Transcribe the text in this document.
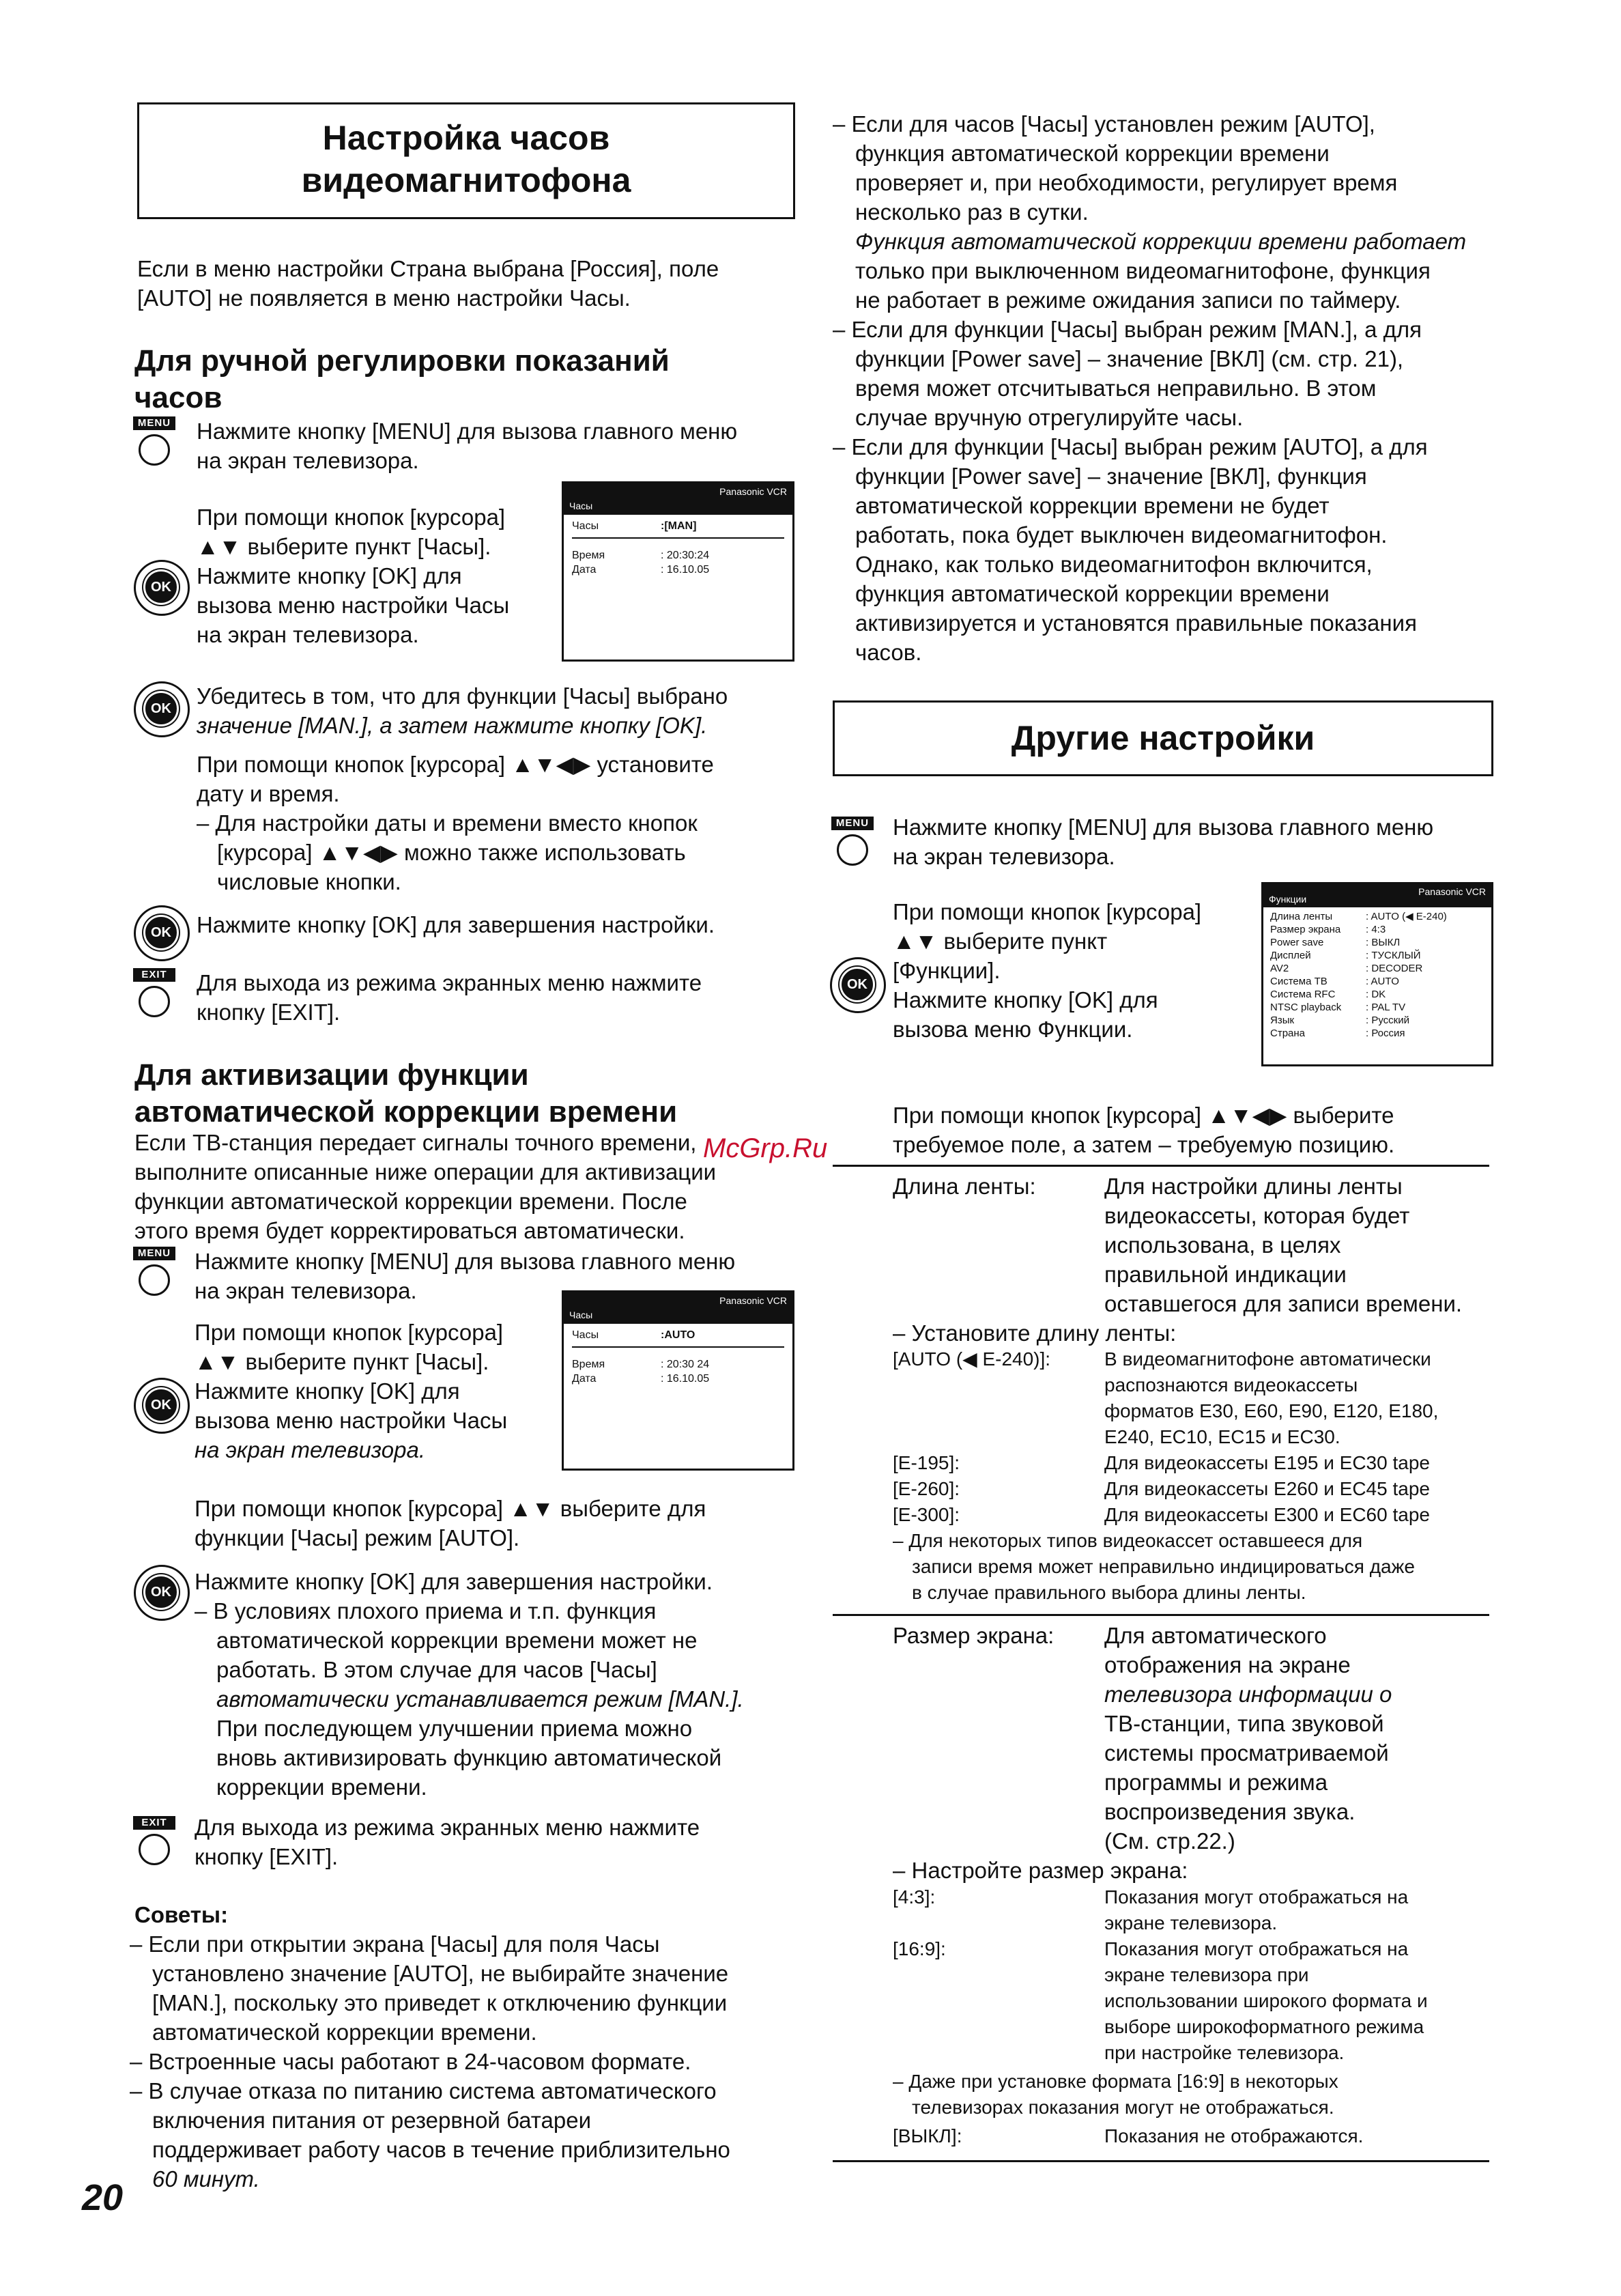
Настройка часов
видеомагнитофона
Если в меню настройки Страна выбрана [Россия], поле
[AUTO] не появляется в меню настройки Часы.
Для ручной регулировки показаний
часов
MENU Нажмите кнопку [MENU] для вызова главного меню
на экран телевизора.
При помощи кнопок [курсора]
▲▼ выберите пункт [Часы].
Нажмите кнопку [OK] для
вызова меню настройки Часы
на экран телевизора.
OK
Panasonic VCR
Часы
Часы	:[MAN]
Время	: 20:30:24
Дата	: 16.10.05
OK Убедитесь в том, что для функции [Часы] выбрано
значение [MAN.], а затем нажмите кнопку [OK].
При помощи кнопок [курсора] ▲▼◀▶ установите
дату и время.
– Для настройки даты и времени вместо кнопок
[курсора] ▲▼◀▶ можно также использовать
числовые кнопки.
OK Нажмите кнопку [OK] для завершения настройки.
EXIT	Для выхода из режима экранных меню нажмите
кнопку [EXIT].
Для активизации функции
автоматической коррекции времени
Если ТВ-станция передает сигналы точного времени,
выполните описанные ниже операции для активизации
функции автоматической коррекции времени. После
этого время будет корректироваться автоматически.
MENU Нажмите кнопку [MENU] для вызова главного меню
на экран телевизора.
При помощи кнопок [курсора]
▲▼ выберите пункт [Часы].
Нажмите кнопку [OK] для
вызова меню настройки Часы
на экран телевизора.
OK
Panasonic VCR
Часы
Часы	:AUTO
Время	: 20:30 24
Дата	: 16.10.05
При помощи кнопок [курсора] ▲▼ выберите для
функции [Часы] режим [AUTO].
OK Нажмите кнопку [OK] для завершения настройки.
– В условиях плохого приема и т.п. функция
автоматической коррекции времени может не
работать. В этом случае для часов [Часы]
автоматически устанавливается режим [MAN.].
При последующем улучшении приема можно
вновь активизировать функцию автоматической
коррекции времени.
EXIT	Для выхода из режима экранных меню нажмите
кнопку [EXIT].
Советы:
– Если при открытии экрана [Часы] для поля Часы
установлено значение [AUTO], не выбирайте значение
[MAN.], поскольку это приведет к отключению функции
автоматической коррекции времени.
– Встроенные часы работают в 24-часовом формате.
– В случае отказа по питанию система автоматического
включения питания от резервной батареи
поддерживает работу часов в течение приблизительно
60 минут.
20
– Если для часов [Часы] установлен режим [AUTO],
функция автоматической коррекции времени
проверяет и, при необходимости, регулирует время
несколько раз в сутки.
Функция автоматической коррекции времени работает
только при выключенном видеомагнитофоне, функция
не работает в режиме ожидания записи по таймеру.
– Если для функции [Часы] выбран режим [MAN.], а для
функции [Power save] – значение [ВКЛ] (см. стр. 21),
время может отсчитываться неправильно. В этом
случае вручную отрегулируйте часы.
– Если для функции [Часы] выбран режим [AUTO], а для
функции [Power save] – значение [ВКЛ], функция
автоматической коррекции времени не будет
работать, пока будет выключен видеомагнитофон.
Однако, как только видеомагнитофон включится,
функция автоматической коррекции времени
активизируется и установятся правильные показания
часов.
Другие настройки
MENU Нажмите кнопку [MENU] для вызова главного меню
на экран телевизора.
При помощи кнопок [курсора]
▲▼ выберите пункт
[Функции].
Нажмите кнопку [OK] для
вызова меню Функции.
OK
Panasonic VCR
Функции
Длина ленты	: AUTO (◀ E-240)
Размер экрана	: 4:3
Power save	: ВЫКЛ
Дисплей	: ТУСКЛЫЙ
AV2	: DECODER
Система ТВ	: AUTO
Система RFC	: DK
NTSC playback	: PAL TV
Язык	: Русский
Страна	: Россия
При помощи кнопок [курсора] ▲▼◀▶ выберите
требуемое поле, а затем – требуемую позицию.
McGrp.Ru
Длина ленты:	Для настройки длины ленты
видеокассеты, которая будет
использована, в целях
правильной индикации
оставшегося для записи времени.
– Установите длину ленты:
[AUTO (◀ E-240)]:	В видеомагнитофоне автоматически
распознаются видеокассеты
форматов E30, E60, E90, E120, E180,
E240, EC10, EC15 и EC30.
[E-195]:	Для видеокассеты E195 и EC30 tape
[E-260]:	Для видеокассеты E260 и EC45 tape
[E-300]:	Для видеокассеты E300 и EC60 tape
– Для некоторых типов видеокассет оставшееся для
записи время может неправильно индицироваться даже
в случае правильного выбора длины ленты.
Размер экрана: Для автоматического
отображения на экране
телевизора информации о
ТВ-станции, типа звуковой
системы просматриваемой
программы и режима
воспроизведения звука.
(См. стр.22.)
– Настройте размер экрана:
[4:3]:	Показания могут отображаться на
экране телевизора.
[16:9]:	Показания могут отображаться на
экране телевизора при
использовании широкого формата и
выборе широкоформатного режима
при настройке телевизора.
– Даже при установке формата [16:9] в некоторых
телевизорах показания могут не отображаться.
[ВЫКЛ]:	Показания не отображаются.
